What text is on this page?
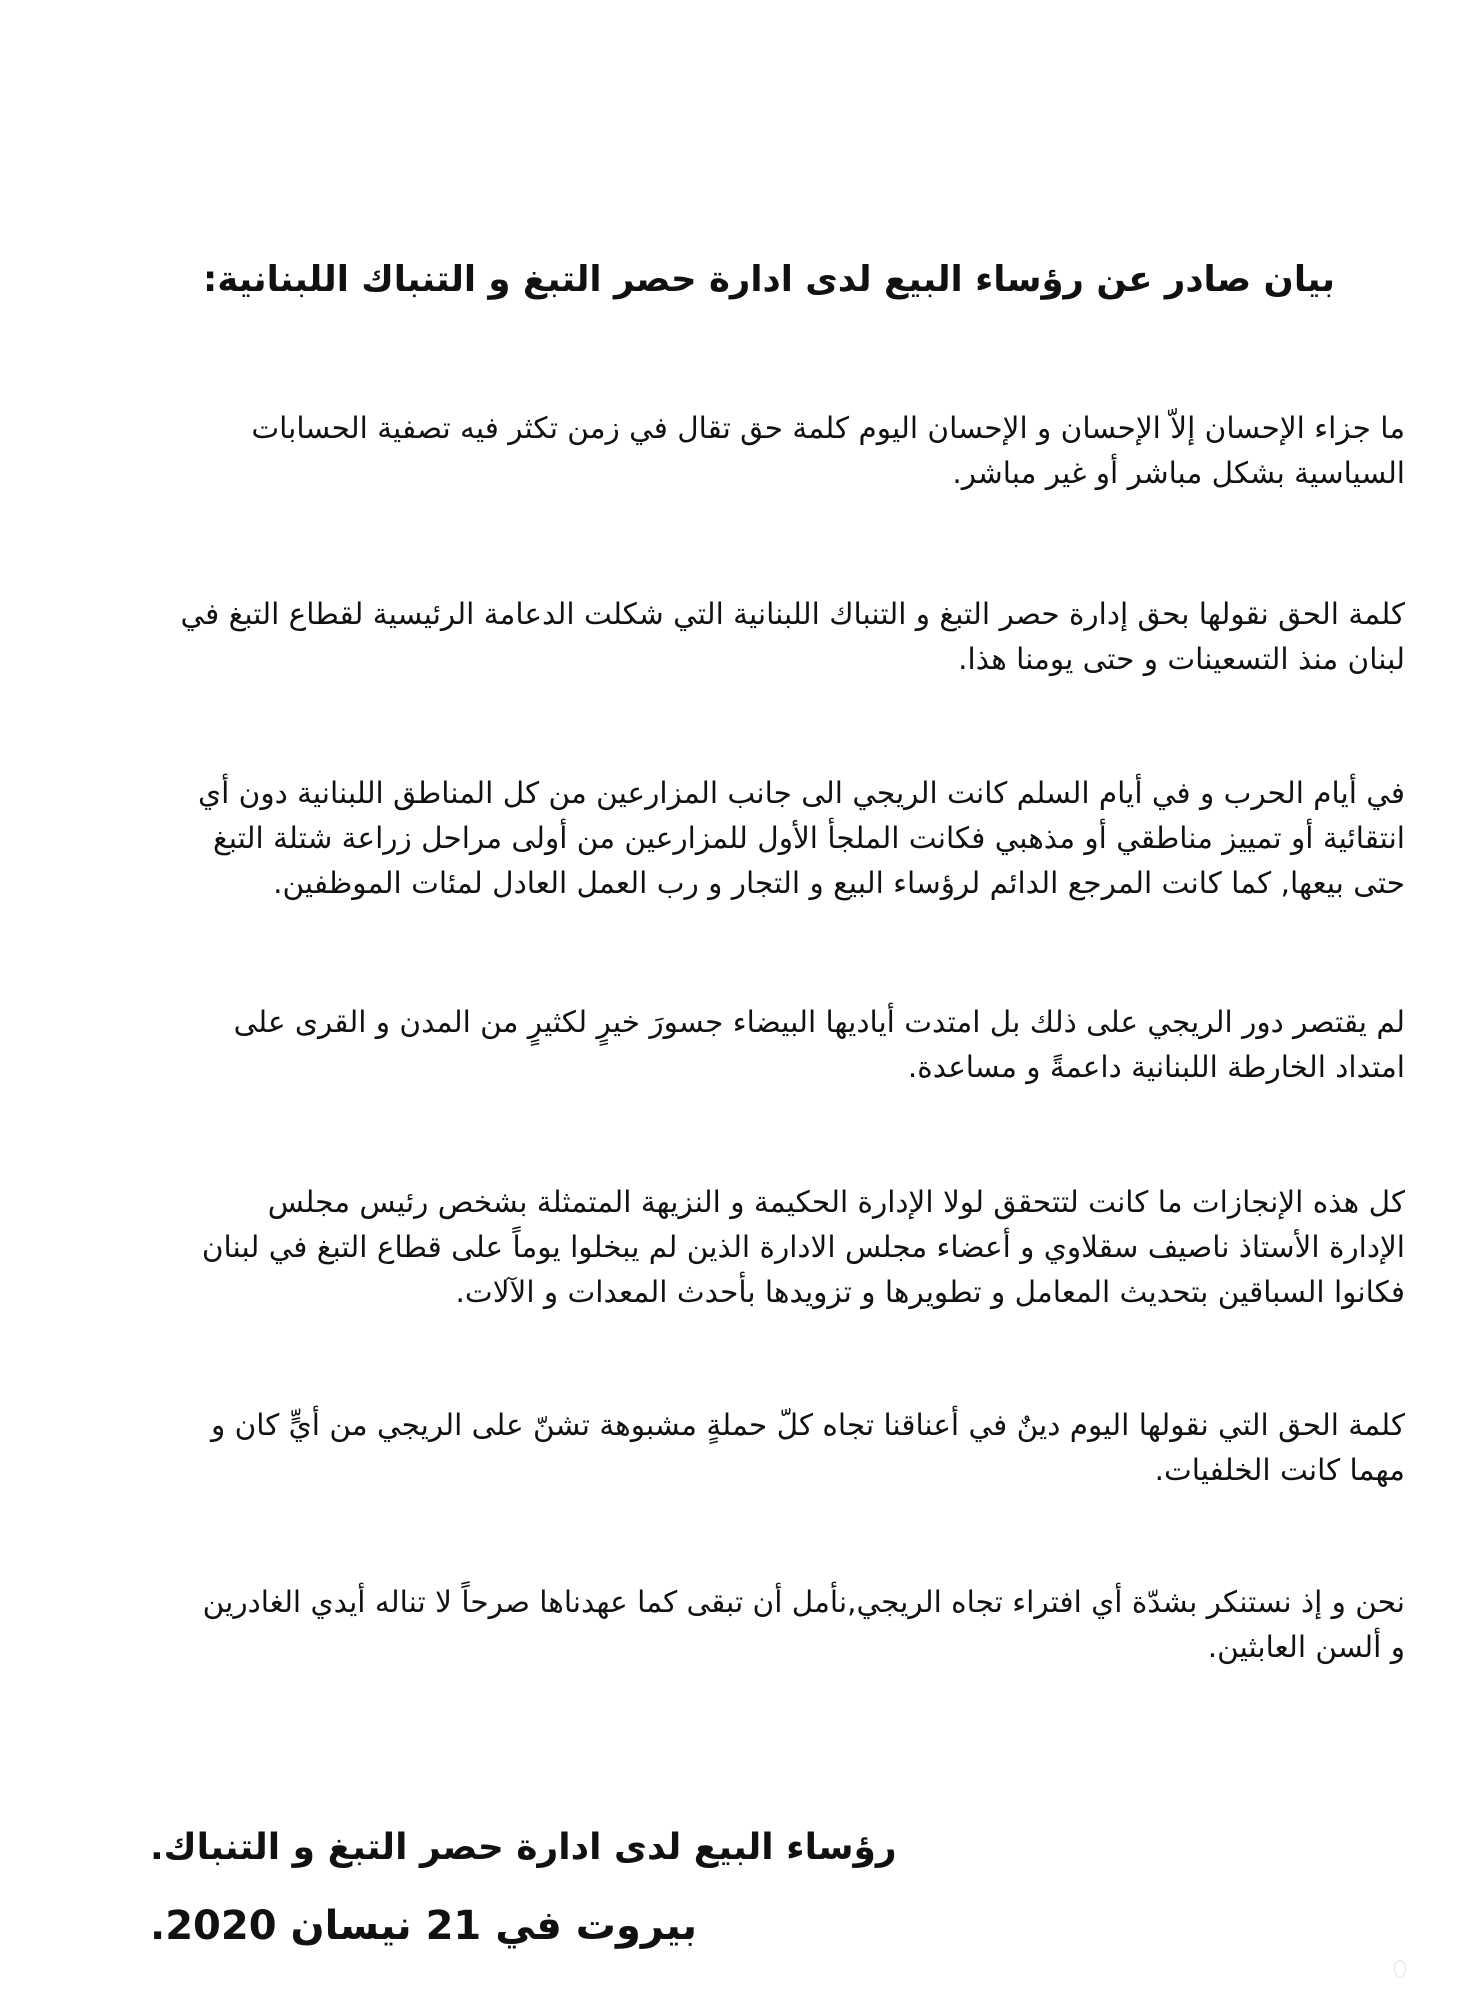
بيان صادر عن رؤساء البيع لدى ادارة حصر التبغ و التنباك اللبنانية:
ما جزاء الإحسان إلاّ الإحسان و الإحسان اليوم كلمة حق تقال في زمن تكثر فيه تصفية الحسابات
السياسية بشكل مباشر أو غير مباشر.
كلمة الحق نقولها بحق إدارة حصر التبغ و التنباك اللبنانية التي شكلت الدعامة الرئيسية لقطاع التبغ في
لبنان منذ التسعينات و حتى يومنا هذا.
في أيام الحرب و في أيام السلم كانت الريجي الى جانب المزارعين من كل المناطق اللبنانية دون أي
انتقائية أو تمييز مناطقي أو مذهبي فكانت الملجأ الأول للمزارعين من أولى مراحل زراعة شتلة التبغ
حتى بيعها, كما كانت المرجع الدائم لرؤساء البيع و التجار و رب العمل العادل لمئات الموظفين.
لم يقتصر دور الريجي على ذلك بل امتدت أياديها البيضاء جسورَ خيرٍ لكثيرٍ من المدن و القرى على
امتداد الخارطة اللبنانية داعمةً و مساعدة.
كل هذه الإنجازات ما كانت لتتحقق لولا الإدارة الحكيمة و النزيهة المتمثلة بشخص رئيس مجلس
الإدارة الأستاذ ناصيف سقلاوي و أعضاء مجلس الادارة الذين لم يبخلوا يوماً على قطاع التبغ في لبنان
فكانوا السباقين بتحديث المعامل و تطويرها و تزويدها بأحدث المعدات و الآلات.
كلمة الحق التي نقولها اليوم دينٌ في أعناقنا تجاه كلّ حملةٍ مشبوهة تشنّ على الريجي من أيٍّ كان و
مهما كانت الخلفيات.
نحن و إذ نستنكر بشدّة أي افتراء تجاه الريجي,نأمل أن تبقى كما عهدناها صرحاً لا تناله أيدي الغادرين
و ألسن العابثين.
رؤساء البيع لدى ادارة حصر التبغ و التنباك.
بيروت في 21 نيسان 2020.
